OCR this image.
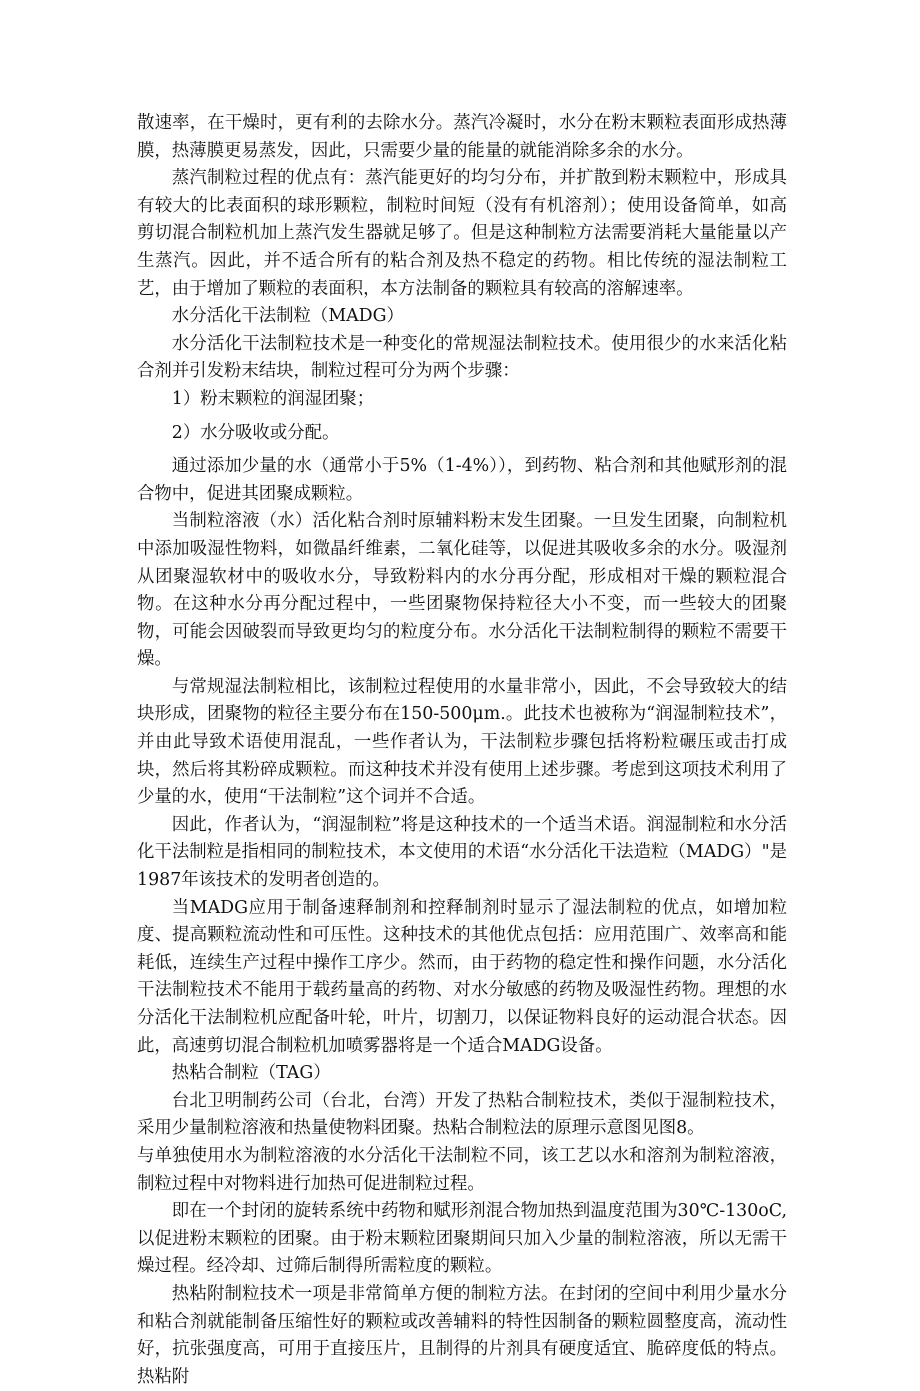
散速率，在干燥时，更有利的去除水分。蒸汽冷凝时，水分在粉末颗粒表面形成热薄膜，热薄膜更易蒸发，因此，只需要少量的能量的就能消除多余的水分。

蒸汽制粒过程的优点有：蒸汽能更好的均匀分布，并扩散到粉末颗粒中，形成具有较大的比表面积的球形颗粒，制粒时间短（没有有机溶剂）；使用设备简单，如高剪切混合制粒机加上蒸汽发生器就足够了。但是这种制粒方法需要消耗大量能量以产生蒸汽。因此，并不适合所有的粘合剂及热不稳定的药物。相比传统的湿法制粒工艺，由于增加了颗粒的表面积，本方法制备的颗粒具有较高的溶解速率。

水分活化干法制粒（MADG）

水分活化干法制粒技术是一种变化的常规湿法制粒技术。使用很少的水来活化粘合剂并引发粉末结块，制粒过程可分为两个步骤：

1）粉末颗粒的润湿团聚；

2）水分吸收或分配。

通过添加少量的水（通常小于5%（1-4%）），到药物、粘合剂和其他赋形剂的混合物中，促进其团聚成颗粒。

当制粒溶液（水）活化粘合剂时原辅料粉末发生团聚。一旦发生团聚，向制粒机中添加吸湿性物料，如微晶纤维素，二氧化硅等，以促进其吸收多余的水分。吸湿剂从团聚湿软材中的吸收水分，导致粉料内的水分再分配，形成相对干燥的颗粒混合物。在这种水分再分配过程中，一些团聚物保持粒径大小不变，而一些较大的团聚物，可能会因破裂而导致更均匀的粒度分布。水分活化干法制粒制得的颗粒不需要干燥。

与常规湿法制粒相比，该制粒过程使用的水量非常小，因此，不会导致较大的结块形成，团聚物的粒径主要分布在150-500μm.。此技术也被称为“润湿制粒技术”，并由此导致术语使用混乱，一些作者认为，干法制粒步骤包括将粉粒碾压或击打成块，然后将其粉碎成颗粒。而这种技术并没有使用上述步骤。考虑到这项技术利用了少量的水，使用“干法制粒”这个词并不合适。

因此，作者认为，“润湿制粒”将是这种技术的一个适当术语。润湿制粒和水分活化干法制粒是指相同的制粒技术，本文使用的术语“水分活化干法造粒（MADG）"是1987年该技术的发明者创造的。

当MADG应用于制备速释制剂和控释制剂时显示了湿法制粒的优点，如增加粒度、提高颗粒流动性和可压性。这种技术的其他优点包括：应用范围广、效率高和能耗低，连续生产过程中操作工序少。然而，由于药物的稳定性和操作问题，水分活化干法制粒技术不能用于载药量高的药物、对水分敏感的药物及吸湿性药物。理想的水分活化干法制粒机应配备叶轮，叶片，切割刀，以保证物料良好的运动混合状态。因此，高速剪切混合制粒机加喷雾器将是一个适合MADG设备。

热粘合制粒（TAG）

台北卫明制药公司（台北，台湾）开发了热粘合制粒技术，类似于湿制粒技术，采用少量制粒溶液和热量使物料团聚。热粘合制粒法的原理示意图见图8。

与单独使用水为制粒溶液的水分活化干法制粒不同，该工艺以水和溶剂为制粒溶液，制粒过程中对物料进行加热可促进制粒过程。

即在一个封闭的旋转系统中药物和赋形剂混合物加热到温度范围为30℃-130oC,以促进粉末颗粒的团聚。由于粉末颗粒团聚期间只加入少量的制粒溶液，所以无需干燥过程。经冷却、过筛后制得所需粒度的颗粒。

热粘附制粒技术一项是非常简单方便的制粒方法。在封闭的空间中利用少量水分和粘合剂就能制备压缩性好的颗粒或改善辅料的特性因制备的颗粒圆整度高，流动性好，抗张强度高，可用于直接压片，且制得的片剂具有硬度适宜、脆碎度低的特点。热粘附
